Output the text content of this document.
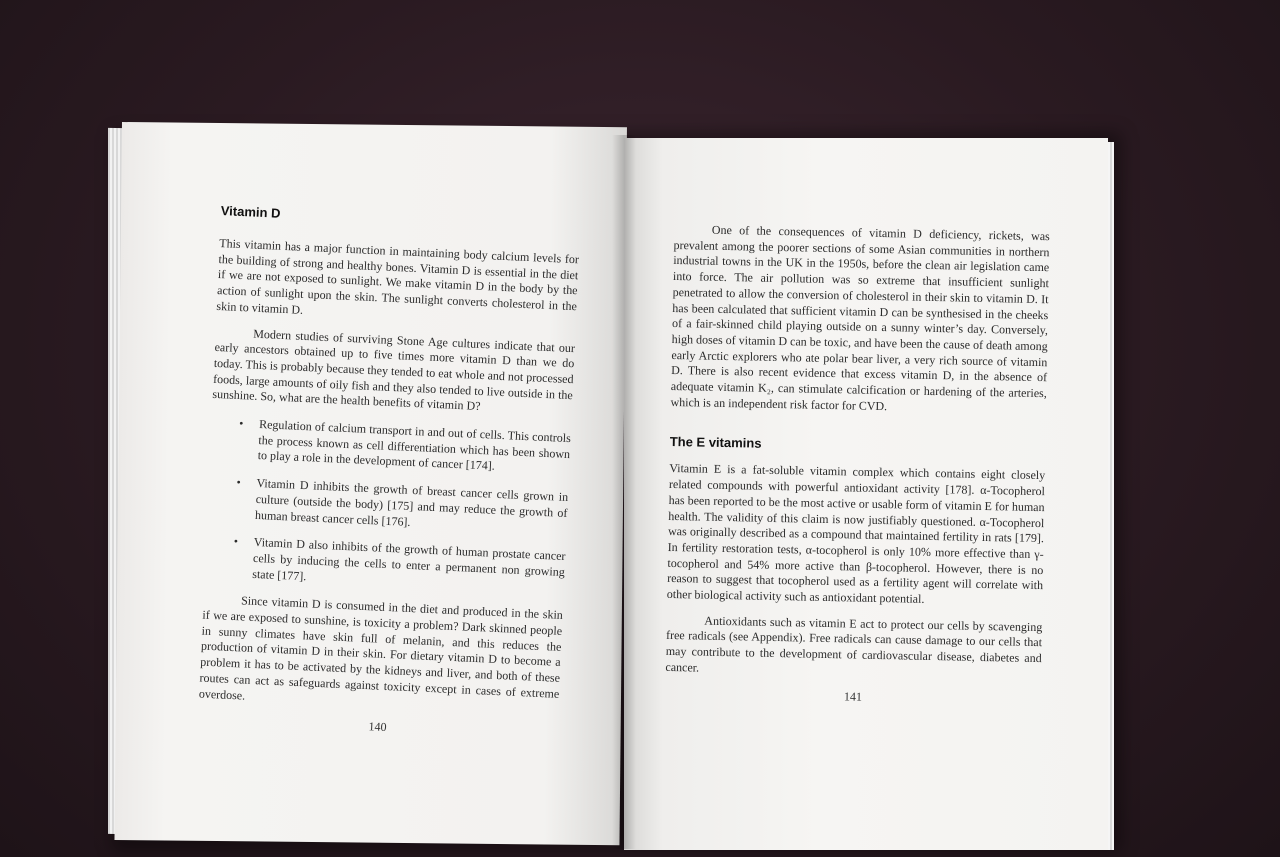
Vitamin D

This vitamin has a major function in maintaining body calcium levels for the building of strong and healthy bones. Vitamin D is essential in the diet if we are not exposed to sunlight. We make vitamin D in the body by the action of sunlight upon the skin. The sunlight converts cholesterol in the skin to vitamin D.

Modern studies of surviving Stone Age cultures indicate that our early ancestors obtained up to five times more vitamin D than we do today. This is probably because they tended to eat whole and not processed foods, large amounts of oily fish and they also tended to live outside in the sunshine. So, what are the health benefits of vitamin D?

• Regulation of calcium transport in and out of cells. This controls the process known as cell differentiation which has been shown to play a role in the development of cancer [174].
• Vitamin D inhibits the growth of breast cancer cells grown in culture (outside the body) [175] and may reduce the growth of human breast cancer cells [176].
• Vitamin D also inhibits of the growth of human prostate cancer cells by inducing the cells to enter a permanent non growing state [177].

Since vitamin D is consumed in the diet and produced in the skin if we are exposed to sunshine, is toxicity a problem? Dark skinned people in sunny climates have skin full of melanin, and this reduces the production of vitamin D in their skin. For dietary vitamin D to become a problem it has to be activated by the kidneys and liver, and both of these routes can act as safeguards against toxicity except in cases of extreme overdose.

140

One of the consequences of vitamin D deficiency, rickets, was prevalent among the poorer sections of some Asian communities in northern industrial towns in the UK in the 1950s, before the clean air legislation came into force. The air pollution was so extreme that insufficient sunlight penetrated to allow the conversion of cholesterol in their skin to vitamin D. It has been calculated that sufficient vitamin D can be synthesised in the cheeks of a fair-skinned child playing outside on a sunny winter’s day. Conversely, high doses of vitamin D can be toxic, and have been the cause of death among early Arctic explorers who ate polar bear liver, a very rich source of vitamin D. There is also recent evidence that excess vitamin D, in the absence of adequate vitamin K₂, can stimulate calcification or hardening of the arteries, which is an independent risk factor for CVD.

The E vitamins

Vitamin E is a fat-soluble vitamin complex which contains eight closely related compounds with powerful antioxidant activity [178]. α-Tocopherol has been reported to be the most active or usable form of vitamin E for human health. The validity of this claim is now justifiably questioned. α-Tocopherol was originally described as a compound that maintained fertility in rats [179]. In fertility restoration tests, α-tocopherol is only 10% more effective than γ-tocopherol and 54% more active than β-tocopherol. However, there is no reason to suggest that tocopherol used as a fertility agent will correlate with other biological activity such as antioxidant potential.

Antioxidants such as vitamin E act to protect our cells by scavenging free radicals (see Appendix). Free radicals can cause damage to our cells that may contribute to the development of cardiovascular disease, diabetes and cancer.

141
